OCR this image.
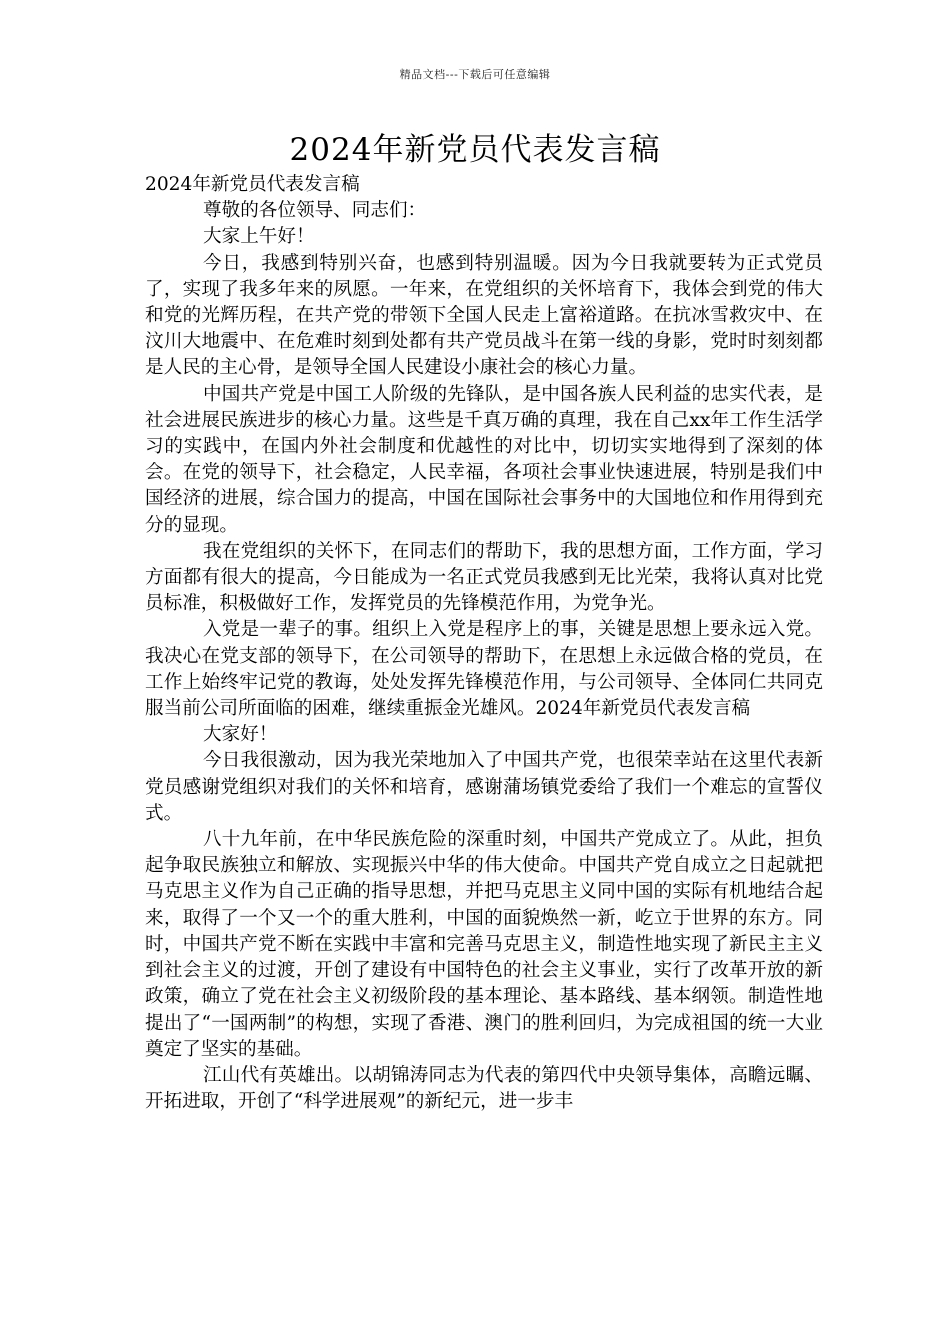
精品文档---下载后可任意编辑
2024年新党员代表发言稿

2024年新党员代表发言稿

尊敬的各位领导、同志们：

大家上午好！

今日，我感到特别兴奋，也感到特别温暖。因为今日我就要转为正式党员了，实现了我多年来的夙愿。一年来，在党组织的关怀培育下，我体会到党的伟大和党的光辉历程，在共产党的带领下全国人民走上富裕道路。在抗冰雪救灾中、在汶川大地震中、在危难时刻到处都有共产党员战斗在第一线的身影，党时时刻刻都是人民的主心骨，是领导全国人民建设小康社会的核心力量。

中国共产党是中国工人阶级的先锋队，是中国各族人民利益的忠实代表，是社会进展民族进步的核心力量。这些是千真万确的真理，我在自己xx年工作生活学习的实践中，在国内外社会制度和优越性的对比中，切切实实地得到了深刻的体会。在党的领导下，社会稳定，人民幸福，各项社会事业快速进展，特别是我们中国经济的进展，综合国力的提高，中国在国际社会事务中的大国地位和作用得到充分的显现。

我在党组织的关怀下，在同志们的帮助下，我的思想方面，工作方面，学习方面都有很大的提高，今日能成为一名正式党员我感到无比光荣，我将认真对比党员标准，积极做好工作，发挥党员的先锋模范作用，为党争光。

入党是一辈子的事。组织上入党是程序上的事，关键是思想上要永远入党。我决心在党支部的领导下，在公司领导的帮助下，在思想上永远做合格的党员，在工作上始终牢记党的教诲，处处发挥先锋模范作用，与公司领导、全体同仁共同克服当前公司所面临的困难，继续重振金光雄风。2024年新党员代表发言稿

大家好！

今日我很激动，因为我光荣地加入了中国共产党，也很荣幸站在这里代表新党员感谢党组织对我们的关怀和培育，感谢蒲场镇党委给了我们一个难忘的宣誓仪式。

八十九年前，在中华民族危险的深重时刻，中国共产党成立了。从此，担负起争取民族独立和解放、实现振兴中华的伟大使命。中国共产党自成立之日起就把马克思主义作为自己正确的指导思想，并把马克思主义同中国的实际有机地结合起来，取得了一个又一个的重大胜利，中国的面貌焕然一新，屹立于世界的东方。同时，中国共产党不断在实践中丰富和完善马克思主义，制造性地实现了新民主主义到社会主义的过渡，开创了建设有中国特色的社会主义事业，实行了改革开放的新政策，确立了党在社会主义初级阶段的基本理论、基本路线、基本纲领。制造性地提出了“一国两制”的构想，实现了香港、澳门的胜利回归，为完成祖国的统一大业奠定了坚实的基础。

江山代有英雄出。以胡锦涛同志为代表的第四代中央领导集体，高瞻远瞩、开拓进取，开创了“科学进展观”的新纪元，进一步丰
